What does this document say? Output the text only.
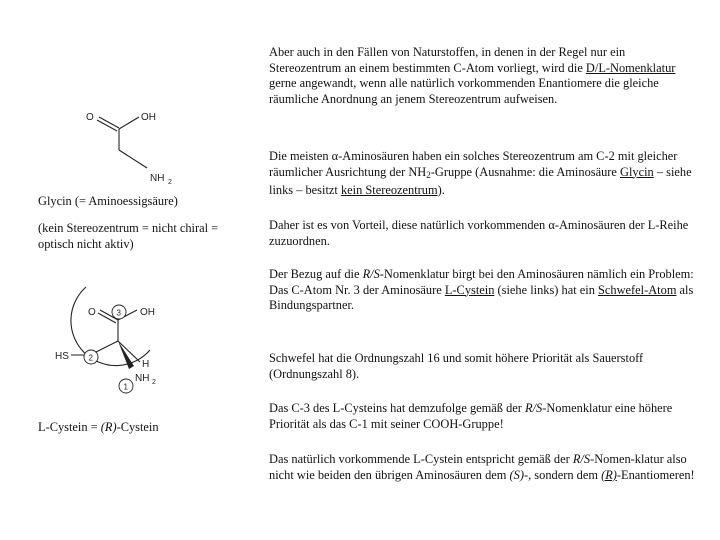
O	OH
NH 2
Glycin (= Aminoessigsäure)
(kein Stereozentrum = nicht chiral = optisch nicht aktiv)
3
2
1
O	OH
HS
H
NH 2
L-Cystein = (R)-Cystein
Aber auch in den Fällen von Naturstoffen, in denen in der Regel nur ein Stereozentrum an einem bestimmten C-Atom vorliegt, wird die D/L-Nomenklatur gerne angewandt, wenn alle natürlich vorkommenden Enantiomere die gleiche räumliche Anordnung an jenem Stereozentrum aufweisen.
Die meisten α-Aminosäuren haben ein solches Stereozentrum am C-2 mit gleicher räumlicher Ausrichtung der $NH_2$-Gruppe (Ausnahme: die Aminosäure Glycin – siehe links – besitzt kein Stereozentrum).
Daher ist es von Vorteil, diese natürlich vorkommenden α-Aminosäuren der L-Reihe zuzuordnen.
Der Bezug auf die R/S-Nomenklatur birgt bei den Aminosäuren nämlich ein Problem:
Das C-Atom Nr. 3 der Aminosäure L-Cystein (siehe links) hat ein Schwefel-Atom als Bindungspartner.
Schwefel hat die Ordnungszahl 16 und somit höhere Priorität als Sauerstoff (Ordnungszahl 8).
Das C-3 des L-Cysteins hat demzufolge gemäß der R/S-Nomenklatur eine höhere Priorität als das C-1 mit seiner COOH-Gruppe!
Das natürlich vorkommende L-Cystein entspricht gemäß der R/S-Nomen-klatur also nicht wie beiden den übrigen Aminosäuren dem (S)-, sondern dem (R)-Enantiomeren!
